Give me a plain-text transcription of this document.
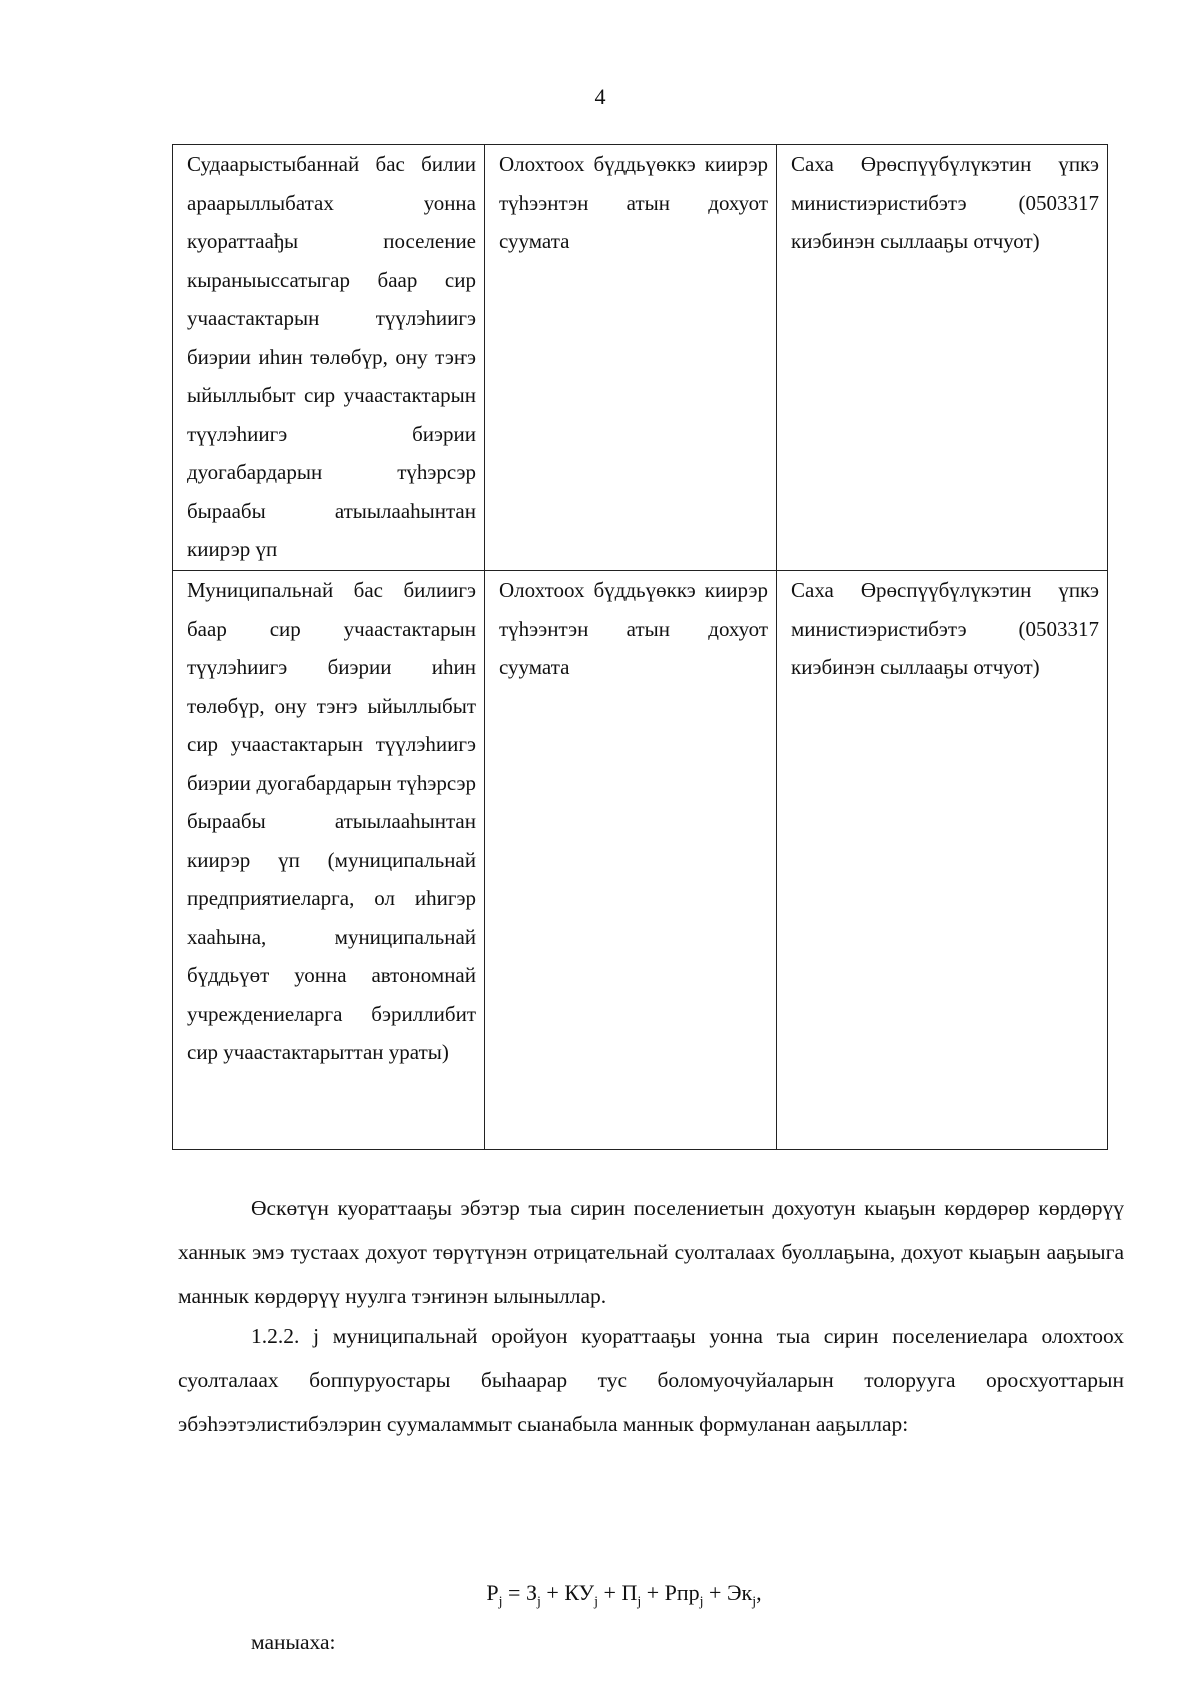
4
Судаарыстыбаннай бас билии араарыллыбатах уонна куораттаађы поселение кыраныыссатыгар баар сир учаастактарын түүлэһиигэ биэрии иһин төлөбүр, ону тэҥэ ыйыллыбыт сир учаастактарын түүлэһиигэ биэрии дуогабардарын түһэрсэр быраабы атыылааһынтан киирэр үп	Олохтоох бүддьүөккэ киирэр түһээнтэн атын дохуот суумата	Саха Өрөспүүбүлүкэтин үпкэ министиэристибэтэ (0503317 киэбинэн сыллааҕы отчуот)

Муниципальнай бас билиигэ баар сир учаастактарын түүлэһиигэ биэрии иһин төлөбүр, ону тэҥэ ыйыллыбыт сир учаастактарын түүлэһиигэ биэрии дуогабардарын түһэрсэр быраабы атыылааһынтан киирэр үп (муниципальнай предприятиеларга, ол иһигэр хааһына, муниципальнай бүддьүөт уонна автономнай учреждениеларга бэриллибит сир учаастактарыттан ураты)	Олохтоох бүддьүөккэ киирэр түһээнтэн атын дохуот суумата	Саха Өрөспүүбүлүкэтин үпкэ министиэристибэтэ (0503317 киэбинэн сыллааҕы отчуот)

Өскөтүн куораттааҕы эбэтэр тыа сирин поселениетын дохуотун кыаҕын көрдөрөр көрдөрүү ханнык эмэ тустаах дохуот төрүтүнэн отрицательнай суолталаах буоллаҕына, дохуот кыаҕын ааҕыыга маннык көрдөрүү нуулга тэҥинэн ылыныллар.

1.2.2. j муниципальнай оройуон куораттааҕы уонна тыа сирин поселениелара олохтоох суолталаах боппуруостары быһаарар тус боломуочуйаларын толоруугa оросхуоттарын эбэһээтэлистибэлэрин суумаламмыт сыанабыла маннык формуланан ааҕыллар:

$P_j = З_j + КУ_j + П_j + Рпр_j + Эк_j$,
маныаха:
